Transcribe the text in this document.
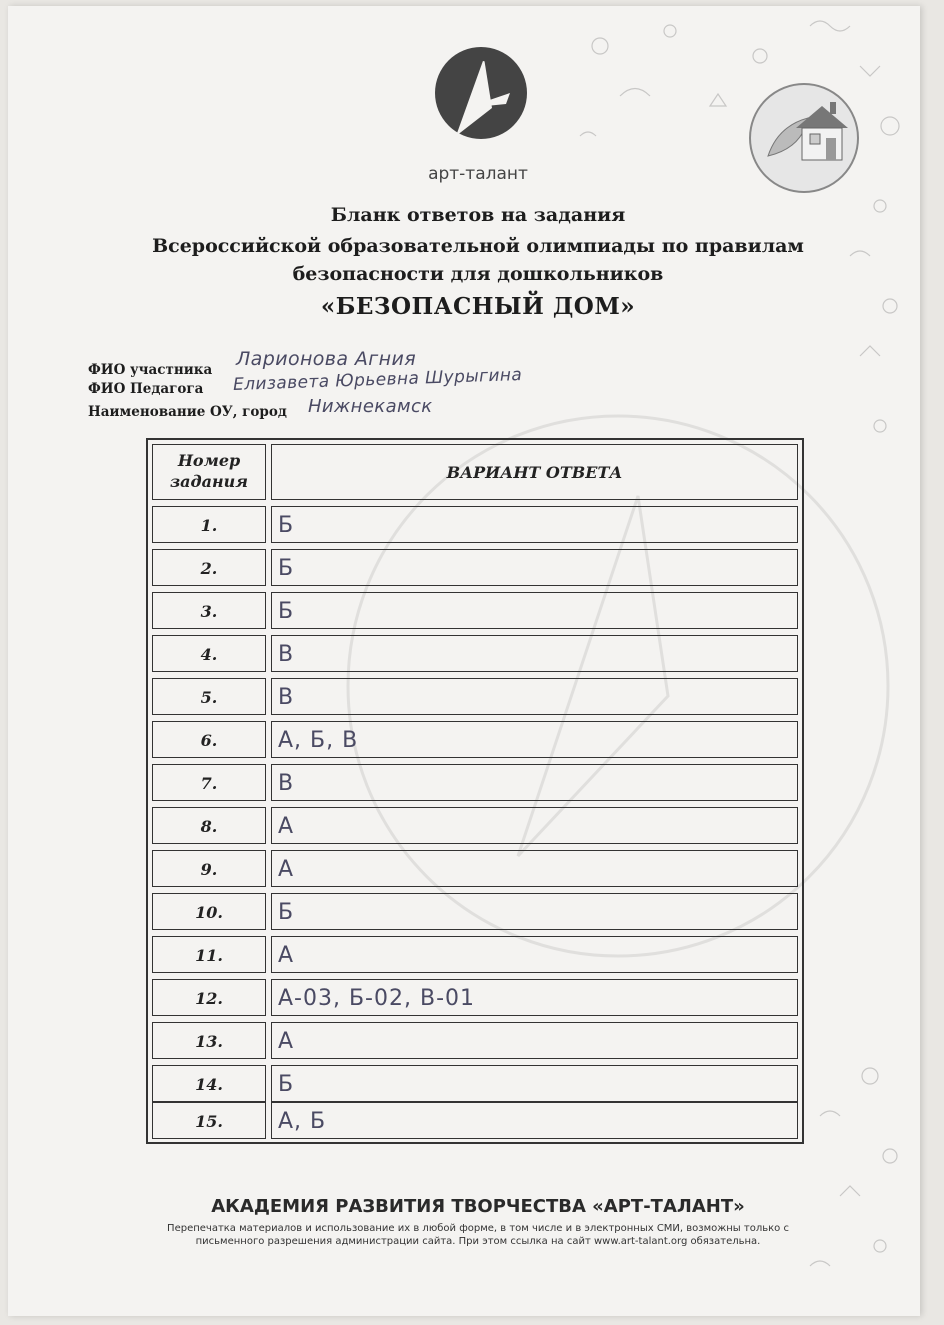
арт-талант
Бланк ответов на задания
Всероссийской образовательной олимпиады по правилам
безопасности для дошкольников
«БЕЗОПАСНЫЙ ДОМ»
ФИО участника Ларионова Агния
ФИО Педагога Елизавета Юрьевна Шурыгина
Наименование ОУ, город Нижнекамск
Номер задания	ВАРИАНТ ОТВЕТА
1.	Б
2.	Б
3.	Б
4.	В
5.	В
6.	А, Б, В
7.	В
8.	А
9.	А
10.	Б
11.	А
12.	А-03, Б-02, В-01
13.	А
14.	Б
15.	А, Б
АКАДЕМИЯ РАЗВИТИЯ ТВОРЧЕСТВА «АРТ-ТАЛАНТ»
Перепечатка материалов и использование их в любой форме, в том числе и в электронных СМИ, возможны только с
письменного разрешения администрации сайта. При этом ссылка на сайт www.art-talant.org обязательна.
